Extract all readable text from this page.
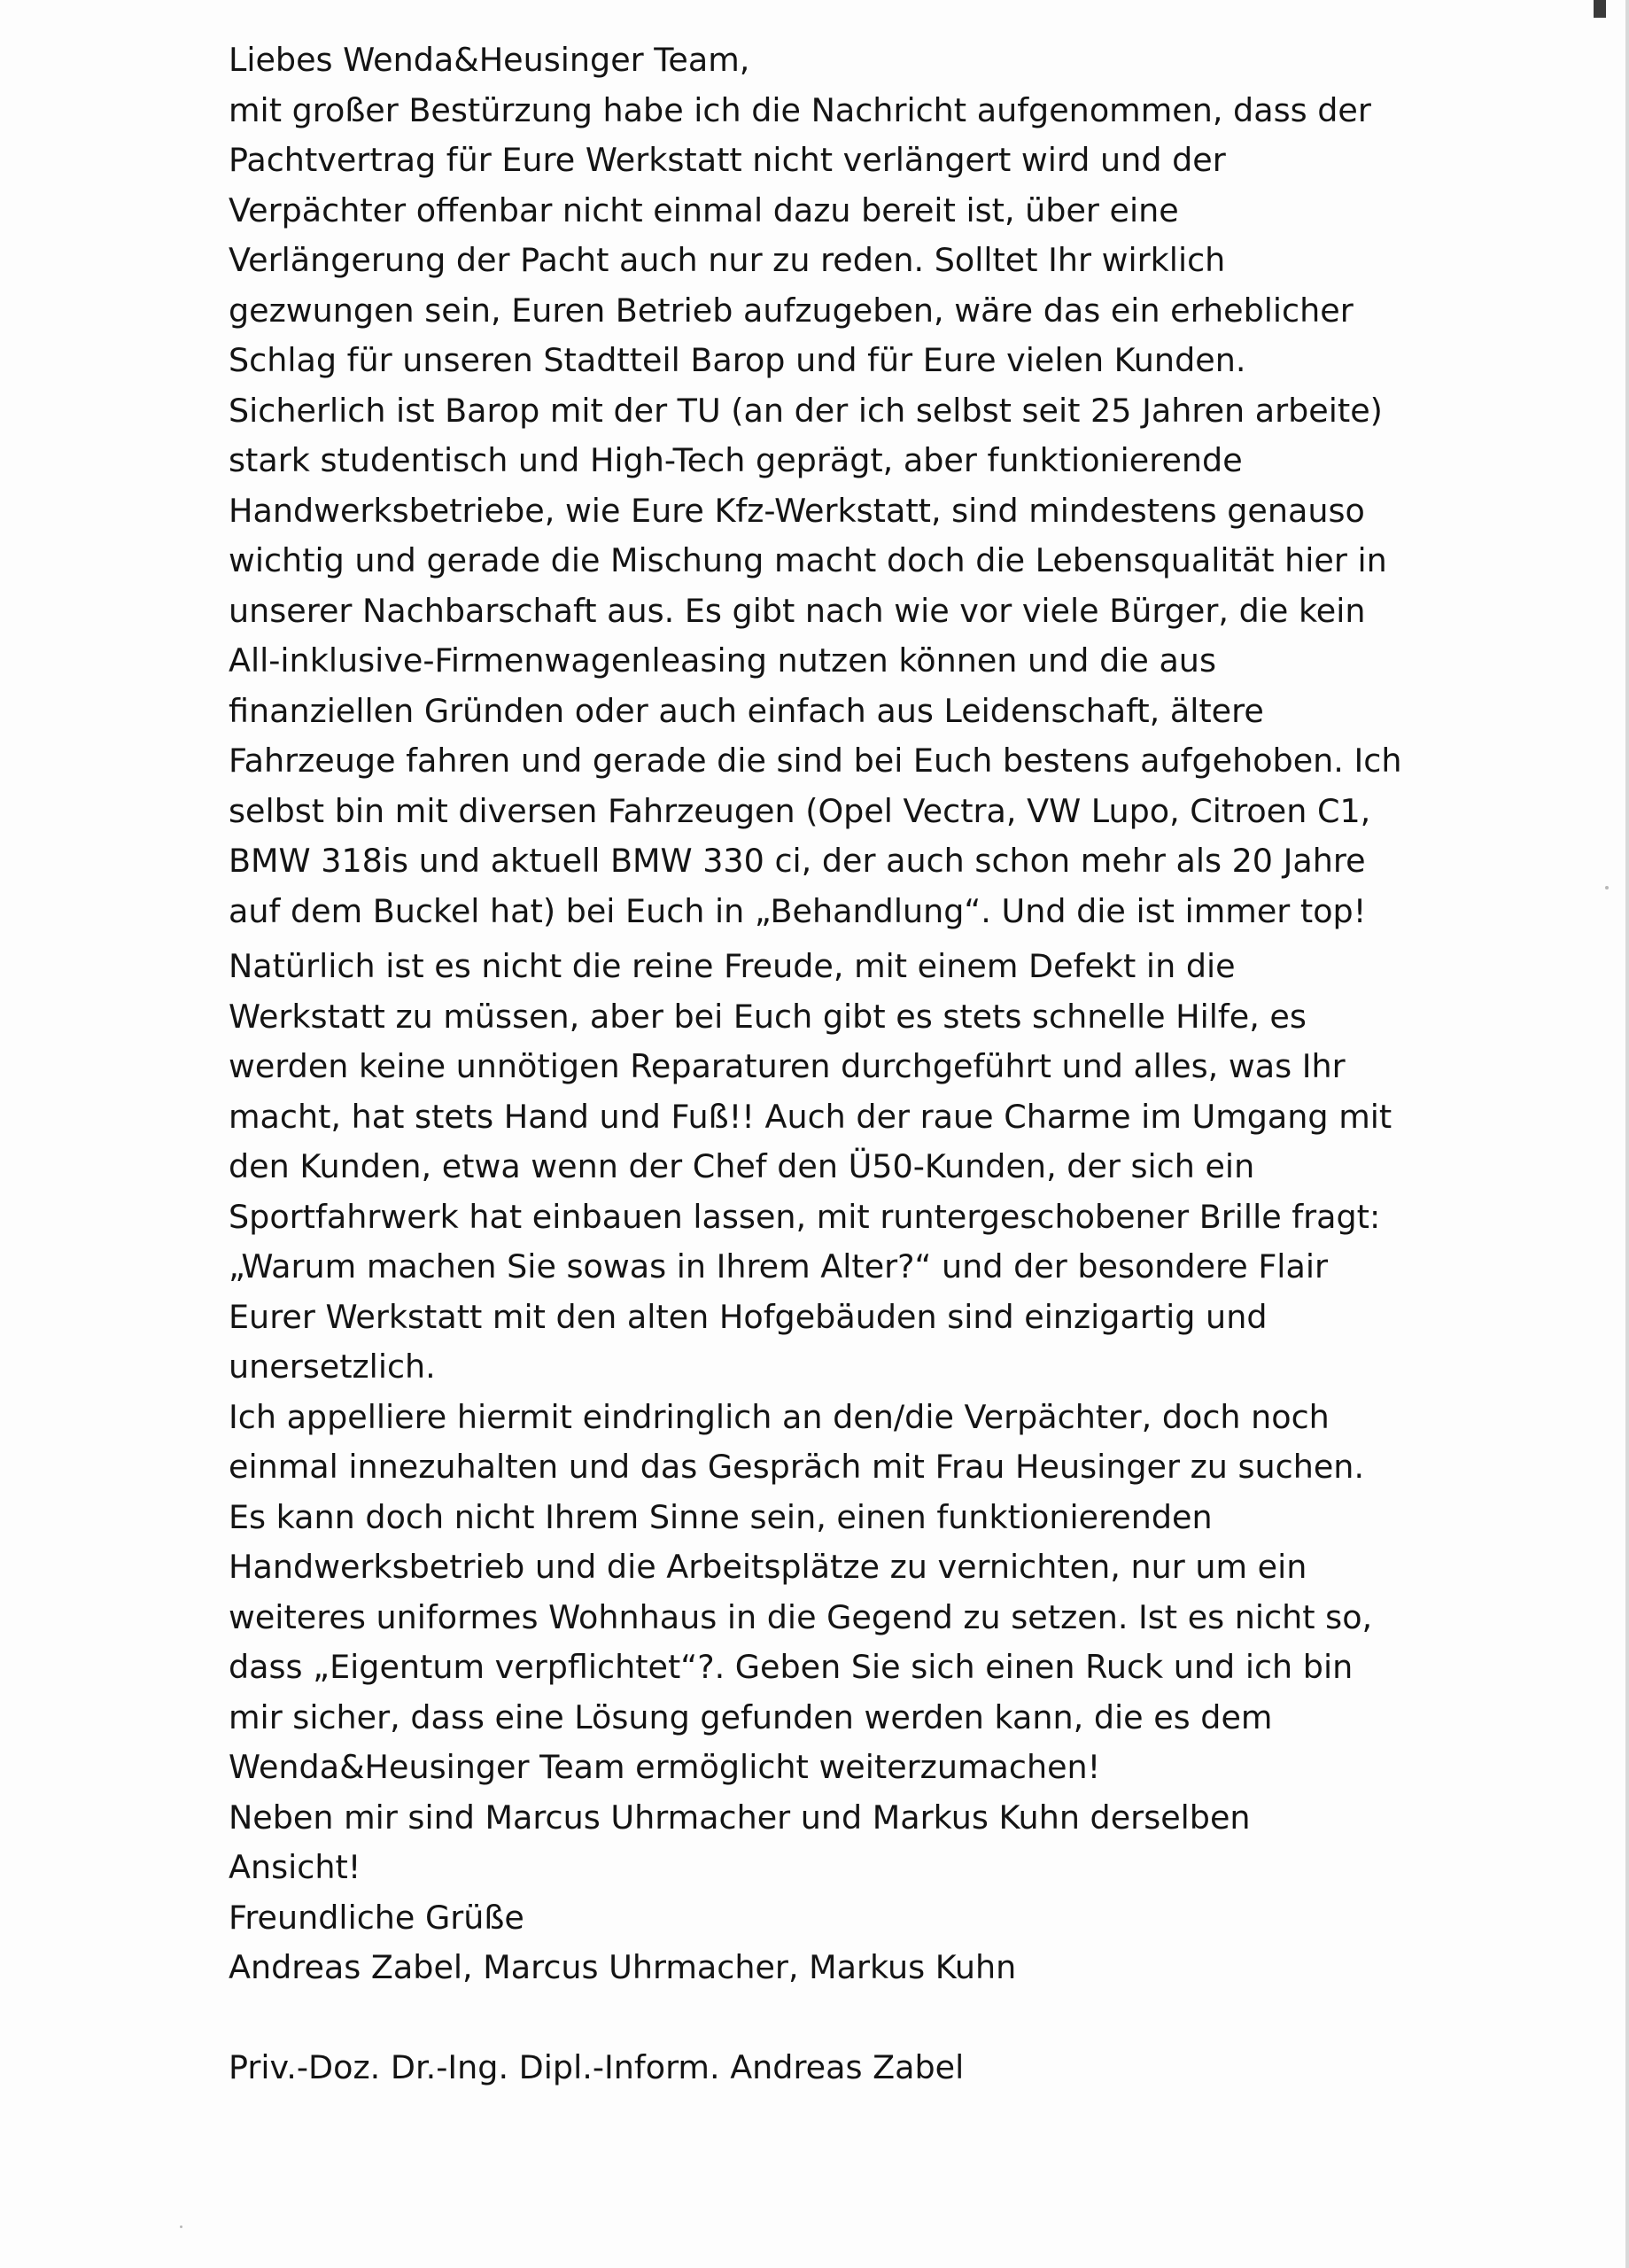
Liebes Wenda&Heusinger Team,
mit großer Bestürzung habe ich die Nachricht aufgenommen, dass der
Pachtvertrag für Eure Werkstatt nicht verlängert wird und der
Verpächter offenbar nicht einmal dazu bereit ist, über eine
Verlängerung der Pacht auch nur zu reden. Solltet Ihr wirklich
gezwungen sein, Euren Betrieb aufzugeben, wäre das ein erheblicher
Schlag für unseren Stadtteil Barop und für Eure vielen Kunden.
Sicherlich ist Barop mit der TU (an der ich selbst seit 25 Jahren arbeite)
stark studentisch und High-Tech geprägt, aber funktionierende
Handwerksbetriebe, wie Eure Kfz-Werkstatt, sind mindestens genauso
wichtig und gerade die Mischung macht doch die Lebensqualität hier in
unserer Nachbarschaft aus. Es gibt nach wie vor viele Bürger, die kein
All-inklusive-Firmenwagenleasing nutzen können und die aus
finanziellen Gründen oder auch einfach aus Leidenschaft, ältere
Fahrzeuge fahren und gerade die sind bei Euch bestens aufgehoben. Ich
selbst bin mit diversen Fahrzeugen (Opel Vectra, VW Lupo, Citroen C1,
BMW 318is und aktuell BMW 330 ci, der auch schon mehr als 20 Jahre
auf dem Buckel hat) bei Euch in „Behandlung“. Und die ist immer top!
Natürlich ist es nicht die reine Freude, mit einem Defekt in die
Werkstatt zu müssen, aber bei Euch gibt es stets schnelle Hilfe, es
werden keine unnötigen Reparaturen durchgeführt und alles, was Ihr
macht, hat stets Hand und Fuß!! Auch der raue Charme im Umgang mit
den Kunden, etwa wenn der Chef den Ü50-Kunden, der sich ein
Sportfahrwerk hat einbauen lassen, mit runtergeschobener Brille fragt:
„Warum machen Sie sowas in Ihrem Alter?“ und der besondere Flair
Eurer Werkstatt mit den alten Hofgebäuden sind einzigartig und
unersetzlich.
Ich appelliere hiermit eindringlich an den/die Verpächter, doch noch
einmal innezuhalten und das Gespräch mit Frau Heusinger zu suchen.
Es kann doch nicht Ihrem Sinne sein, einen funktionierenden
Handwerksbetrieb und die Arbeitsplätze zu vernichten, nur um ein
weiteres uniformes Wohnhaus in die Gegend zu setzen. Ist es nicht so,
dass „Eigentum verpflichtet“?. Geben Sie sich einen Ruck und ich bin
mir sicher, dass eine Lösung gefunden werden kann, die es dem
Wenda&Heusinger Team ermöglicht weiterzumachen!
Neben mir sind Marcus Uhrmacher und Markus Kuhn derselben
Ansicht!
Freundliche Grüße
Andreas Zabel, Marcus Uhrmacher, Markus Kuhn
Priv.-Doz. Dr.-Ing. Dipl.-Inform. Andreas Zabel
